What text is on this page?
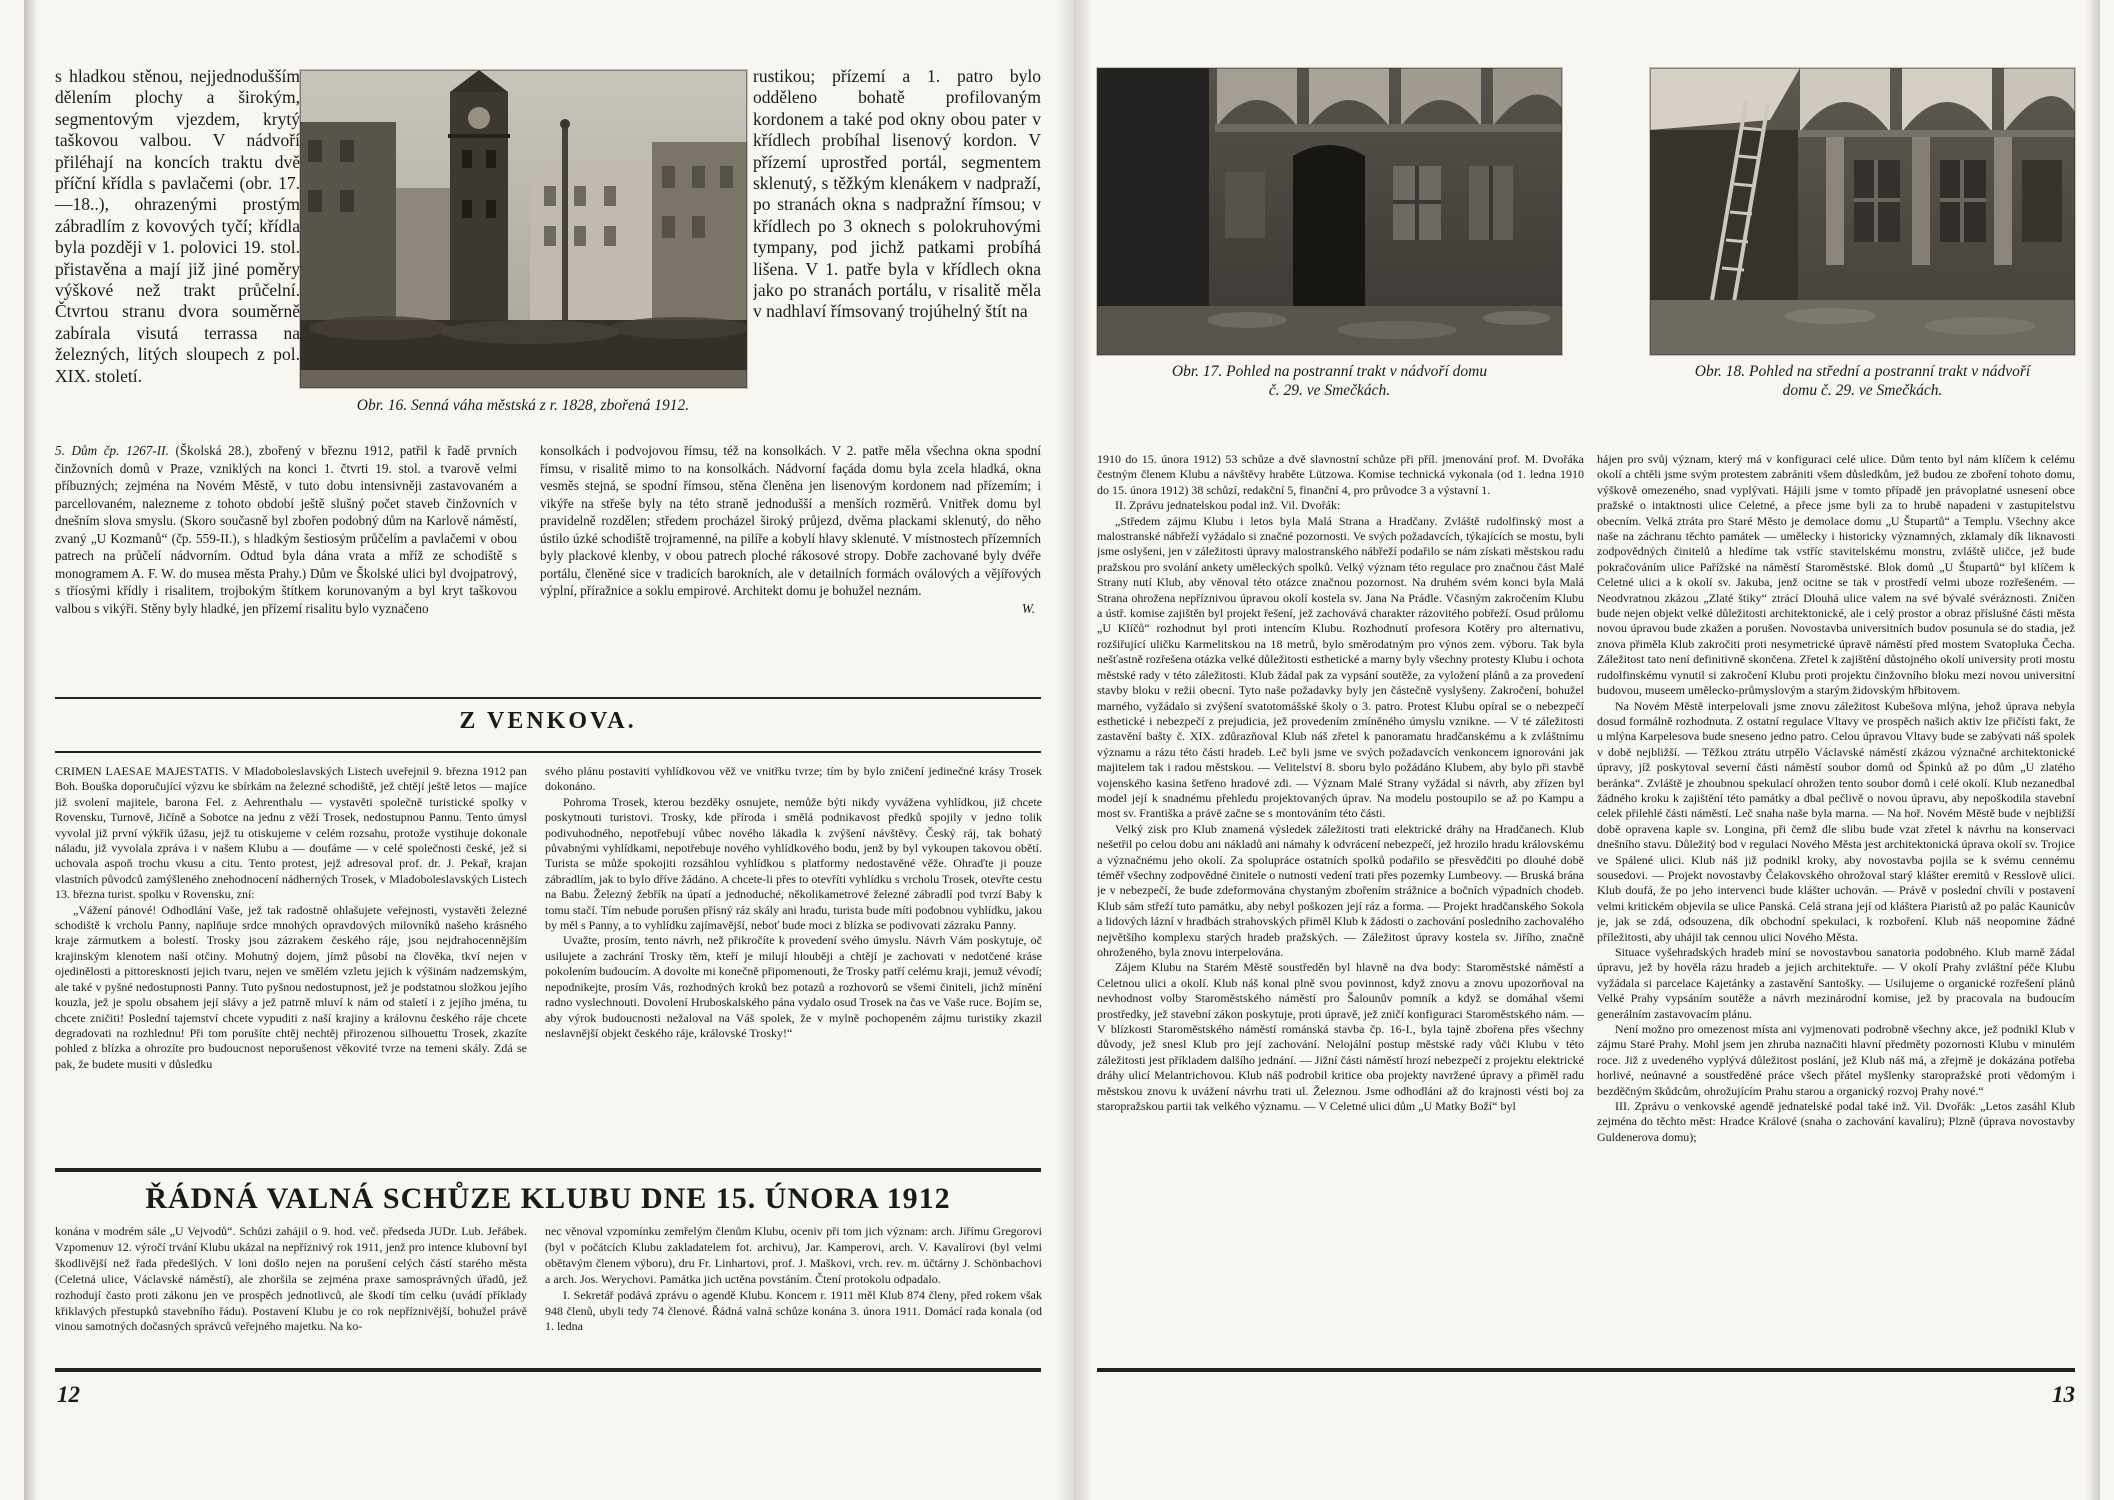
s hladkou stěnou, nejjednodušším dělením plochy a širokým, segmentovým vjezdem, krytý taškovou valbou. V nádvoří přiléhají na koncích traktu dvě příční křídla s pavlačemi (obr. 17.—18..), ohrazenými prostým zábradlím z kovových tyčí; křídla byla později v 1. polovici 19. stol. přistavěna a mají již jiné poměry výškové než trakt průčelní. Čtvrtou stranu dvora souměrně zabírala visutá terrassa na železných, litých sloupech z pol. XIX. století.

Obr. 16. Senná váha městská z r. 1828, zbořená 1912.

rustikou; přízemí a 1. patro bylo odděleno bohatě profilovaným kordonem a také pod okny obou pater v křídlech probíhal lisenový kordon. V přízemí uprostřed portál, segmentem sklenutý, s těžkým klenákem v nadpraží, po stranách okna s nadpražní římsou; v křídlech po 3 oknech s polokruhovými tympany, pod jichž patkami probíhá lišena. V 1. patře byla v křídlech okna jako po stranách portálu, v risalitě měla v nadhlaví římsovaný trojúhelný štít na

5. Dům čp. 1267-II. (Školská 28.), zbořený v březnu 1912, patřil k řadě prvních činžovních domů v Praze, vzniklých na konci 1. čtvrti 19. stol. a tvarově velmi příbuzných; zejména na Novém Městě, v tuto dobu intensivněji zastavovaném a parcellovaném, nalezneme z tohoto období ještě slušný počet staveb činžovních v dnešním slova smyslu. (Skoro současně byl zbořen podobný dům na Karlově náměstí, zvaný „U Kozmanů“ (čp. 559-II.), s hladkým šestiosým průčelím a pavlačemi v obou patrech na průčelí nádvorním. Odtud byla dána vrata a mříž ze schodiště s monogramem A. F. W. do musea města Prahy.) Dům ve Školské ulici byl dvojpatrový, s tříosými křídly i risalitem, trojbokým štítkem korunovaným a byl kryt taškovou valbou s vikýři. Stěny byly hladké, jen přízemí risalitu bylo vyznačeno

konsolkách i podvojovou římsu, též na konsolkách. V 2. patře měla všechna okna spodní římsu, v risalitě mimo to na konsolkách. Nádvorní façáda domu byla zcela hladká, okna vesměs stejná, se spodní římsou, stěna členěna jen lisenovým kordonem nad přízemím; i vikýře na střeše byly na této straně jednodušší a menších rozměrů. Vnitřek domu byl pravidelně rozdělen; středem procházel široký průjezd, dvěma plackami sklenutý, do něho ústilo úzké schodiště trojramenné, na pilíře a kobylí hlavy sklenuté. V místnostech přízemních byly plackové klenby, v obou patrech ploché rákosové stropy. Dobře zachované byly dvéře portálu, členěné sice v tradicích barokních, ale v detailních formách oválových a vějířových výplní, příražnice a soklu empirové. Architekt domu je bohužel neznám.

W.
Z VENKOVA.

CRIMEN LAESAE MAJESTATIS. V Mladoboleslavských Listech uveřejnil 9. března 1912 pan Boh. Bouška doporučující výzvu ke sbírkám na železné schodiště, jež chtějí ještě letos — majíce již svolení majitele, barona Fel. z Aehrenthalu — vystavěti společně turistické spolky v Rovensku, Turnově, Jičíně a Sobotce na jednu z věží Trosek, nedostupnou Pannu. Tento úmysl vyvolal již první výkřik úžasu, jejž tu otiskujeme v celém rozsahu, protože vystihuje dokonale náladu, již vyvolala zpráva i v našem Klubu a — doufáme — v celé společnosti české, jež si uchovala aspoň trochu vkusu a citu. Tento protest, jejž adresoval prof. dr. J. Pekař, krajan vlastních původců zamýšleného znehodnocení nádherných Trosek, v Mladoboleslavských Listech 13. března turist. spolku v Rovensku, zní:

„Vážení pánové! Odhodlání Vaše, jež tak radostně ohlašujete veřejnosti, vystavěti železné schodiště k vrcholu Panny, naplňuje srdce mnohých opravdových milovníků našeho krásného kraje zármutkem a bolestí. Trosky jsou zázrakem českého ráje, jsou nejdrahocennějším krajinským klenotem naší otčiny. Mohutný dojem, jímž působí na člověka, tkví nejen v ojedinělosti a pittoresknosti jejich tvaru, nejen ve smělém vzletu jejich k výšinám nadzemským, ale také v pyšné nedostupnosti Panny. Tuto pyšnou nedostupnost, jež je podstatnou složkou jejího kouzla, jež je spolu obsahem její slávy a jež patrně mluví k nám od staletí i z jejího jména, tu chcete zničiti! Poslední tajemství chcete vypuditi z naší krajiny a královnu českého ráje chcete degradovati na rozhlednu! Při tom porušíte chtěj nechtěj přirozenou silhouettu Trosek, zkazíte pohled z blízka a ohrozíte pro budoucnost neporušenost věkovité tvrze na temeni skály. Zdá se pak, že budete musiti v důsledku

svého plánu postaviti vyhlídkovou věž ve vnitřku tvrze; tím by bylo zničení jedinečné krásy Trosek dokonáno.

Pohroma Trosek, kterou bezděky osnujete, nemůže býti nikdy vyvážena vyhlídkou, již chcete poskytnouti turistovi. Trosky, kde příroda i smělá podnikavost předků spojily v jedno tolik podivuhodného, nepotřebují vůbec nového lákadla k zvýšení návštěvy. Český ráj, tak bohatý půvabnými vyhlídkami, nepotřebuje nového vyhlídkového bodu, jenž by byl vykoupen takovou obětí. Turista se může spokojiti rozsáhlou vyhlídkou s platformy nedostavěné věže. Ohraďte ji pouze zábradlím, jak to bylo dříve žádáno. A chcete-li přes to otevříti vyhlídku s vrcholu Trosek, otevřte cestu na Babu. Železný žebřík na úpatí a jednoduché, několikametrové železné zábradlí pod tvrzí Baby k tomu stačí. Tím nebude porušen přísný ráz skály ani hradu, turista bude míti podobnou vyhlídku, jakou by měl s Panny, a to vyhlídku zajímavější, neboť bude moci z blízka se podivovati zázraku Panny.

Uvažte, prosím, tento návrh, než přikročíte k provedení svého úmyslu. Návrh Vám poskytuje, oč usilujete a zachrání Trosky těm, kteří je milují hlouběji a chtějí je zachovati v nedotčené kráse pokolením budoucím. A dovolte mi konečně připomenouti, že Trosky patří celému kraji, jemuž vévodí; nepodnikejte, prosím Vás, rozhodných kroků bez potazů a rozhovorů se všemi činiteli, jichž mínění radno vyslechnouti. Dovolení Hruboskalského pána vydalo osud Trosek na čas ve Vaše ruce. Bojím se, aby výrok budoucnosti nežaloval na Váš spolek, že v mylně pochopeném zájmu turistiky zkazil neslavnější objekt českého ráje, královské Trosky!“

ŘÁDNÁ VALNÁ SCHŮZE KLUBU DNE 15. ÚNORA 1912

konána v modrém sále „U Vejvodů“. Schůzi zahájil o 9. hod. več. předseda JUDr. Lub. Jeřábek. Vzpomenuv 12. výročí trvání Klubu ukázal na nepříznivý rok 1911, jenž pro intence klubovní byl škodlivější než řada předešlých. V loni došlo nejen na porušení celých částí starého města (Celetná ulice, Václavské náměstí), ale zhoršila se zejména praxe samosprávných úřadů, jež rozhodují často proti zákonu jen ve prospěch jednotlivců, ale škodí tím celku (uvádí příklady křiklavých přestupků stavebního řádu). Postavení Klubu je co rok nepříznivější, bohužel právě vinou samotných dočasných správců veřejného majetku. Na ko-

nec věnoval vzpomínku zemřelým členům Klubu, oceniv při tom jich význam: arch. Jiřímu Gregorovi (byl v počátcích Klubu zakladatelem fot. archivu), Jar. Kamperovi, arch. V. Kavalírovi (byl velmi obětavým členem výboru), dru Fr. Linhartovi, prof. J. Maškovi, vrch. rev. m. účtárny J. Schönbachovi a arch. Jos. Werychovi. Památka jich uctěna povstáním. Čtení protokolu odpadalo.

I. Sekretář podává zprávu o agendě Klubu. Koncem r. 1911 měl Klub 874 členy, před rokem však 948 členů, ubyli tedy 74 členové. Řádná valná schůze konána 3. února 1911. Domácí rada konala (od 1. ledna

12
Obr. 17. Pohled na postranní trakt v nádvoří domu
č. 29. ve Smečkách.
Obr. 18. Pohled na střední a postranní trakt v nádvoří
domu č. 29. ve Smečkách.

1910 do 15. února 1912) 53 schůze a dvě slavnostní schůze při příl. jmenování prof. M. Dvořáka čestným členem Klubu a návštěvy hraběte Lützowa. Komise technická vykonala (od 1. ledna 1910 do 15. února 1912) 38 schůzí, redakční 5, finanční 4, pro průvodce 3 a výstavní 1.

II. Zprávu jednatelskou podal inž. Vil. Dvořák:

„Středem zájmu Klubu i letos byla Malá Strana a Hradčany. Zvláště rudolfinský most a malostranské nábřeží vyžádalo si značné pozornosti. Ve svých požadavcích, týkajících se mostu, byli jsme oslyšeni, jen v záležitosti úpravy malostranského nábřeží podařilo se nám získati městskou radu pražskou pro svolání ankety uměleckých spolků. Velký význam této regulace pro značnou část Malé Strany nutí Klub, aby věnoval této otázce značnou pozornost. Na druhém svém konci byla Malá Strana ohrožena nepříznivou úpravou okolí kostela sv. Jana Na Prádle. Včasným zakročením Klubu a ústř. komise zajištěn byl projekt řešení, jež zachovává charakter rázovitého pobřeží. Osud průlomu „U Klíčů“ rozhodnut byl proti intencím Klubu. Rozhodnutí profesora Kotěry pro alternativu, rozšiřující uličku Karmelitskou na 18 metrů, bylo směrodatným pro výnos zem. výboru. Tak byla nešťastně rozřešena otázka velké důležitosti esthetické a marny byly všechny protesty Klubu i ochota městské rady v této záležitosti. Klub žádal pak za vypsání soutěže, za vyložení plánů a za provedení stavby bloku v režii obecní. Tyto naše požadavky byly jen částečně vyslyšeny. Zakročení, bohužel marného, vyžádalo si zvýšení svatotomášské školy o 3. patro. Protest Klubu opíral se o nebezpečí esthetické i nebezpečí z prejudicia, jež provedením zmíněného úmyslu vznikne. — V té záležitosti zastavění bašty č. XIX. zdůrazňoval Klub náš zřetel k panoramatu hradčanskému a k zvláštnímu významu a rázu této části hradeb. Leč byli jsme ve svých požadavcích venkoncem ignorováni jak majitelem tak i radou městskou. — Velitelství 8. sboru bylo požádáno Klubem, aby bylo při stavbě vojenského kasina šetřeno hradové zdi. — Význam Malé Strany vyžádal si návrh, aby zřízen byl model její k snadnému přehledu projektovaných úprav. Na modelu postoupilo se až po Kampu a most sv. Františka a právě začne se s montováním této části.

Velký zisk pro Klub znamená výsledek záležitosti trati elektrické dráhy na Hradčanech. Klub nešetřil po celou dobu ani nákladů ani námahy k odvrácení nebezpečí, jež hrozilo hradu královskému a význačnému jeho okolí. Za spolupráce ostatních spolků podařilo se přesvědčiti po dlouhé době téměř všechny zodpovědné činitele o nutnosti vedení trati přes pozemky Lumbeovy. — Bruská brána je v nebezpečí, že bude zdeformována chystaným zbořením strážnice a bočních výpadních chodeb. Klub sám střeží tuto památku, aby nebyl poškozen její ráz a forma. — Projekt hradčanského Sokola a lidových lázní v hradbách strahovských přiměl Klub k žádosti o zachování posledního zachovalého největšího komplexu starých hradeb pražských. — Záležitost úpravy kostela sv. Jiřího, značně ohroženého, byla znovu interpelována.

Zájem Klubu na Starém Městě soustředěn byl hlavně na dva body: Staroměstské náměstí a Celetnou ulici a okolí. Klub náš konal plně svou povinnost, když znovu a znovu upozorňoval na nevhodnost volby Staroměstského náměstí pro Šalounův pomník a když se domáhal všemi prostředky, jež stavební zákon poskytuje, proti úpravě, jež zničí konfiguraci Staroměstského nám. — V blízkosti Staroměstského náměstí románská stavba čp. 16-I., byla tajně zbořena přes všechny důvody, jež snesl Klub pro její zachování. Nelojální postup městské rady vůči Klubu v této záležitosti jest příkladem dalšího jednání. — Jižní části náměstí hrozí nebezpečí z projektu elektrické dráhy ulicí Melantrichovou. Klub náš podrobil kritice oba projekty navržené úpravy a přiměl radu městskou znovu k uvážení návrhu trati ul. Železnou. Jsme odhodláni až do krajnosti vésti boj za staropražskou partii tak velkého významu. — V Celetné ulici dům „U Matky Boží“ byl

hájen pro svůj význam, který má v konfiguraci celé ulice. Dům tento byl nám klíčem k celému okolí a chtěli jsme svým protestem zabrániti všem důsledkům, jež budou ze zboření tohoto domu, výškově omezeného, snad vyplývati. Hájili jsme v tomto případě jen právoplatné usnesení obce pražské o intaktnosti ulice Celetné, a přece jsme byli za to hrubě napadeni v zastupitelstvu obecním. Velká ztráta pro Staré Město je demolace domu „U Štupartů“ a Templu. Všechny akce naše na záchranu těchto památek — umělecky i historicky významných, zklamaly dík liknavosti zodpovědných činitelů a hledíme tak vstříc stavitelskému monstru, zvláště uličce, jež bude pokračováním ulice Pařížské na náměstí Staroměstské. Blok domů „U Štupartů“ byl klíčem k Celetné ulici a k okolí sv. Jakuba, jenž ocitne se tak v prostředí velmi uboze rozřešeném. — Neodvratnou zkázou „Zlaté štiky“ ztrácí Dlouhá ulice valem na své bývalé svéráznosti. Zničen bude nejen objekt velké důležitosti architektonické, ale i celý prostor a obraz příslušné části města novou úpravou bude zkažen a porušen. Novostavba universitních budov posunula se do stadia, jež znova přiměla Klub zakročiti proti nesymetrické úpravě náměstí před mostem Svatopluka Čecha. Záležitost tato není definitivně skončena. Zřetel k zajištění důstojného okolí university proti mostu rudolfinskému vynutil si zakročení Klubu proti projektu činžovního bloku mezi novou universitní budovou, museem umělecko-průmyslovým a starým židovským hřbitovem.

Na Novém Městě interpelovali jsme znovu záležitost Kubešova mlýna, jehož úprava nebyla dosud formálně rozhodnuta. Z ostatní regulace Vltavy ve prospěch našich aktiv lze přičísti fakt, že u mlýna Karpelesova bude sneseno jedno patro. Celou úpravou Vltavy bude se zabývati náš spolek v době nejbližší. — Těžkou ztrátu utrpělo Václavské náměstí zkázou význačné architektonické úpravy, jíž poskytoval severní části náměstí soubor domů od Špinků až po dům „U zlatého beránka“. Zvláště je zhoubnou spekulací ohrožen tento soubor domů i celé okolí. Klub nezanedbal žádného kroku k zajištění této památky a dbal pečlivě o novou úpravu, aby nepoškodila stavební celek přilehlé části náměstí. Leč snaha naše byla marna. — Na hoř. Novém Městě bude v nejbližší době opravena kaple sv. Longina, při čemž dle slibu bude vzat zřetel k návrhu na konservaci dnešního stavu. Důležitý bod v regulaci Nového Města jest architektonická úprava okolí sv. Trojice ve Spálené ulici. Klub náš již podnikl kroky, aby novostavba pojila se k svému cennému sousedovi. — Projekt novostavby Čelakovského ohrožoval starý klášter eremitů v Resslově ulici. Klub doufá, že po jeho intervenci bude klášter uchován. — Právě v poslední chvíli v postavení velmi kritickém objevila se ulice Panská. Celá strana její od kláštera Piaristů až po palác Kaunicův je, jak se zdá, odsouzena, dík obchodní spekulaci, k rozboření. Klub náš neopomine žádné příležitosti, aby uhájil tak cennou ulici Nového Města.

Situace vyšehradských hradeb míní se novostavbou sanatoria podobného. Klub marně žádal úpravu, jež by hověla rázu hradeb a jejich architektuře. — V okolí Prahy zvláštní péče Klubu vyžádala si parcelace Kajetánky a zastavění Santošky. — Usilujeme o organické rozřešení plánů Velké Prahy vypsáním soutěže a návrh mezinárodní komise, jež by pracovala na budoucím generálním zastavovacím plánu.

Není možno pro omezenost místa ani vyjmenovati podrobně všechny akce, jež podnikl Klub v zájmu Staré Prahy. Mohl jsem jen zhruba naznačiti hlavní předměty pozornosti Klubu v minulém roce. Již z uvedeného vyplývá důležitost poslání, jež Klub náš má, a zřejmě je dokázána potřeba horlivé, neúnavné a soustředěné práce všech přátel myšlenky staropražské proti vědomým i bezděčným škůdcům, ohrožujícím Prahu starou a organický rozvoj Prahy nové.“

III. Zprávu o venkovské agendě jednatelské podal také inž. Vil. Dvořák: „Letos zasáhl Klub zejména do těchto měst: Hradce Králové (snaha o zachování kavalíru); Plzně (úprava novostavby Guldenerova domu);

13
